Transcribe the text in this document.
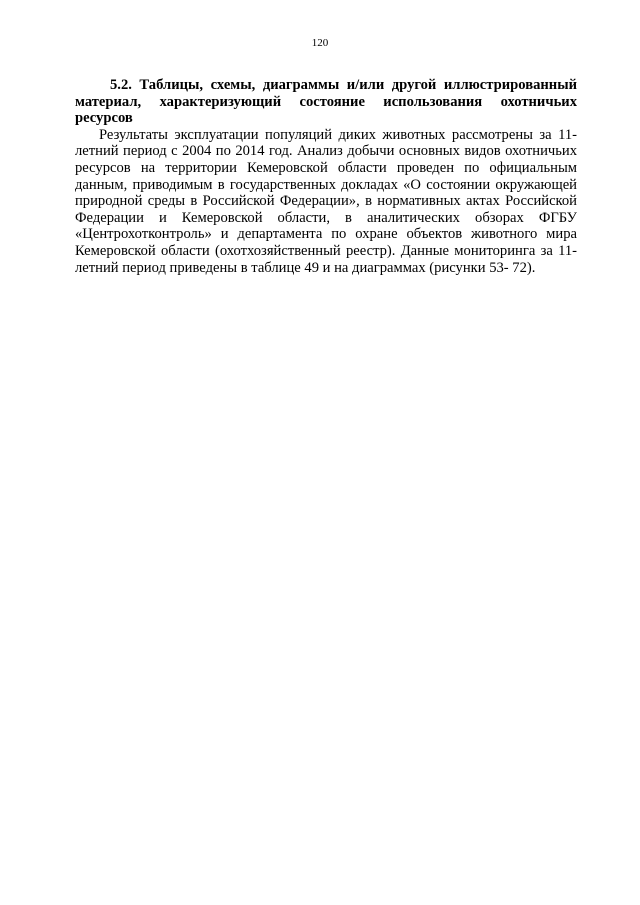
120

5.2. Таблицы, схемы, диаграммы и/или другой иллюстрированный материал, характеризующий состояние использования охотничьих ресурсов

Результаты эксплуатации популяций диких животных рассмотрены за 11-летний период с 2004 по 2014 год. Анализ добычи основных видов охотничьих ресурсов на территории Кемеровской области проведен по официальным данным, приводимым в государственных докладах «О состоянии окружающей природной среды в Российской Федерации», в нормативных актах Российской Федерации и Кемеровской области, в аналитических обзорах ФГБУ «Центрохотконтроль» и департамента по охране объектов животного мира Кемеровской области (охотхозяйственный реестр). Данные мониторинга за 11-летний период приведены в таблице 49 и на диаграммах (рисунки 53- 72).
